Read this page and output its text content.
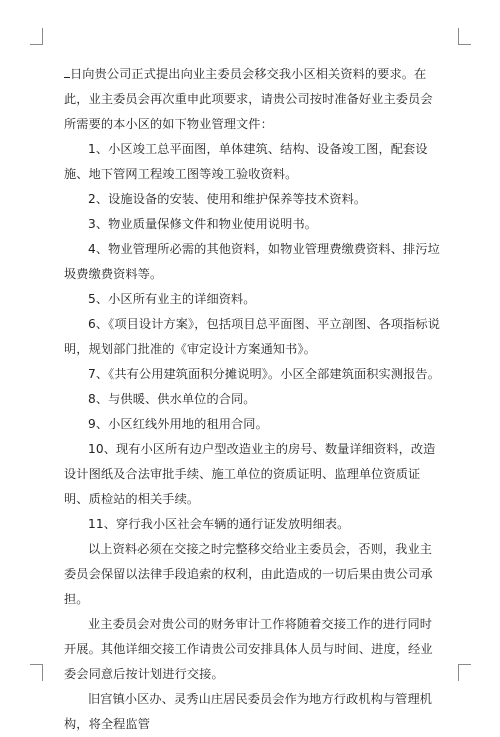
日向贵公司正式提出向业主委员会移交我小区相关资料的要求。在此，业主委员会再次重申此项要求，请贵公司按时准备好业主委员会所需要的本小区的如下物业管理文件：

1、小区竣工总平面图，单体建筑、结构、设备竣工图，配套设施、地下管网工程竣工图等竣工验收资料。

2、设施设备的安装、使用和维护保养等技术资料。

3、物业质量保修文件和物业使用说明书。

4、物业管理所必需的其他资料，如物业管理费缴费资料、排污垃圾费缴费资料等。

5、小区所有业主的详细资料。

6、《项目设计方案》，包括项目总平面图、平立剖图、各项指标说明，规划部门批准的《审定设计方案通知书》。

7、《共有公用建筑面积分摊说明》。小区全部建筑面积实测报告。

8、与供暖、供水单位的合同。

9、小区红线外用地的租用合同。

10、现有小区所有边户型改造业主的房号、数量详细资料，改造设计图纸及合法审批手续、施工单位的资质证明、监理单位资质证明、质检站的相关手续。

11、穿行我小区社会车辆的通行证发放明细表。

以上资料必须在交接之时完整移交给业主委员会，否则，我业主委员会保留以法律手段追索的权利，由此造成的一切后果由贵公司承担。

业主委员会对贵公司的财务审计工作将随着交接工作的进行同时开展。其他详细交接工作请贵公司安排具体人员与时间、进度，经业委会同意后按计划进行交接。

旧宫镇小区办、灵秀山庄居民委员会作为地方行政机构与管理机构，将全程监管
